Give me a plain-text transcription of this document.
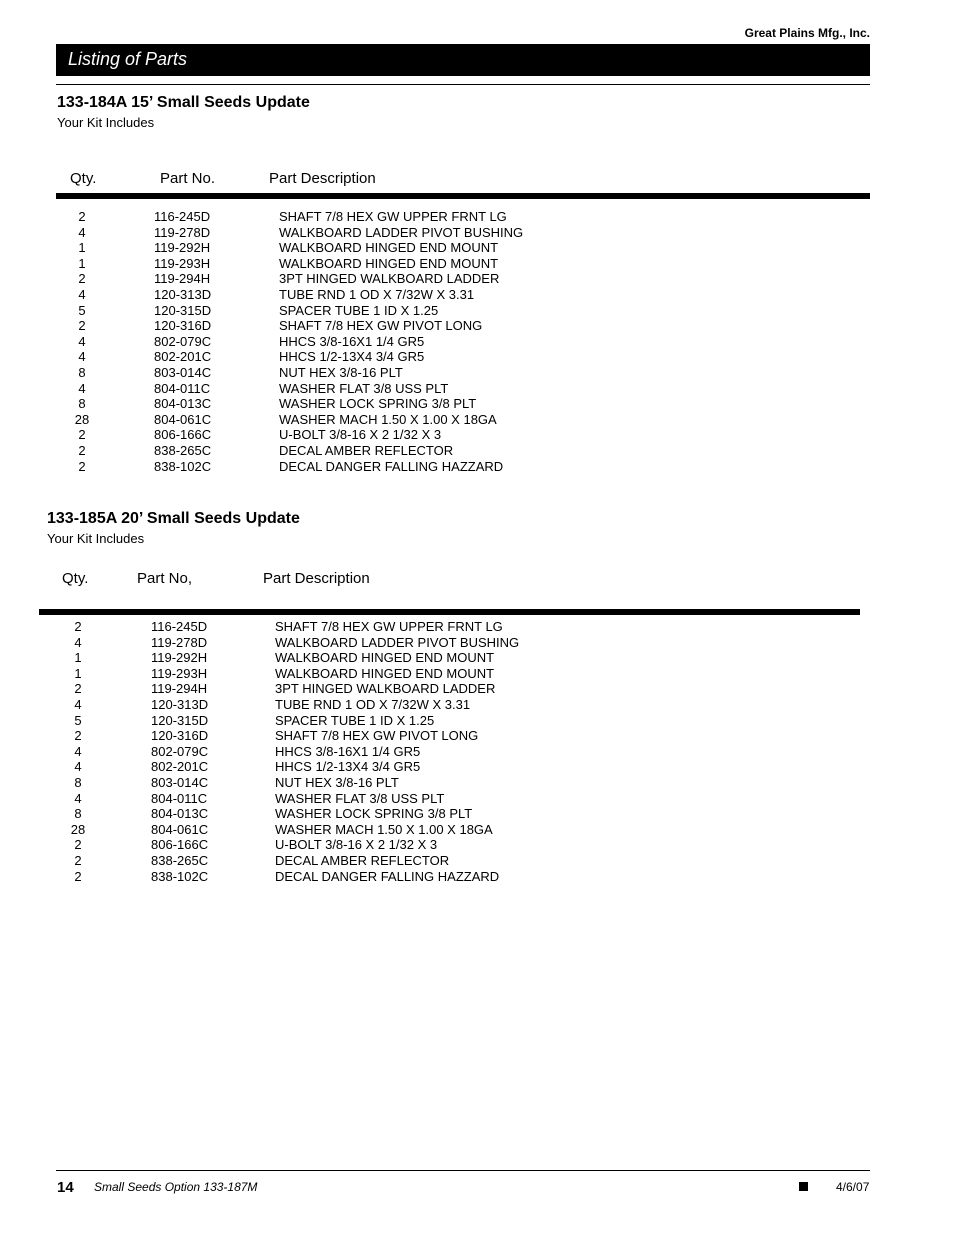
Great Plains Mfg., Inc.
Listing of Parts
133-184A 15’ Small Seeds Update
Your Kit Includes
Qty.	Part No.	Part Description
2	116-245D	SHAFT 7/8 HEX GW UPPER FRNT LG
4	119-278D	WALKBOARD LADDER PIVOT BUSHING
1	119-292H	WALKBOARD HINGED END MOUNT
1	119-293H	WALKBOARD HINGED END MOUNT
2	119-294H	3PT HINGED WALKBOARD LADDER
4	120-313D	TUBE RND 1 OD X 7/32W X 3.31
5	120-315D	SPACER TUBE 1 ID X 1.25
2	120-316D	SHAFT 7/8 HEX GW PIVOT LONG
4	802-079C	HHCS 3/8-16X1 1/4 GR5
4	802-201C	HHCS 1/2-13X4 3/4 GR5
8	803-014C	NUT HEX 3/8-16 PLT
4	804-011C	WASHER FLAT 3/8 USS PLT
8	804-013C	WASHER LOCK SPRING 3/8 PLT
28	804-061C	WASHER MACH 1.50 X 1.00 X 18GA
2	806-166C	U-BOLT 3/8-16 X 2 1/32 X 3
2	838-265C	DECAL AMBER REFLECTOR
2	838-102C	DECAL DANGER FALLING HAZZARD
133-185A 20’ Small Seeds Update
Your Kit Includes
Qty.	Part No,	Part Description
2	116-245D	SHAFT 7/8 HEX GW UPPER FRNT LG
4	119-278D	WALKBOARD LADDER PIVOT BUSHING
1	119-292H	WALKBOARD HINGED END MOUNT
1	119-293H	WALKBOARD HINGED END MOUNT
2	119-294H	3PT HINGED WALKBOARD LADDER
4	120-313D	TUBE RND 1 OD X 7/32W X 3.31
5	120-315D	SPACER TUBE 1 ID X 1.25
2	120-316D	SHAFT 7/8 HEX GW PIVOT LONG
4	802-079C	HHCS 3/8-16X1 1/4 GR5
4	802-201C	HHCS 1/2-13X4 3/4 GR5
8	803-014C	NUT HEX 3/8-16 PLT
4	804-011C	WASHER FLAT 3/8 USS PLT
8	804-013C	WASHER LOCK SPRING 3/8 PLT
28	804-061C	WASHER MACH 1.50 X 1.00 X 18GA
2	806-166C	U-BOLT 3/8-16 X 2 1/32 X 3
2	838-265C	DECAL AMBER REFLECTOR
2	838-102C	DECAL DANGER FALLING HAZZARD
14 Small Seeds Option 133-187M	4/6/07
